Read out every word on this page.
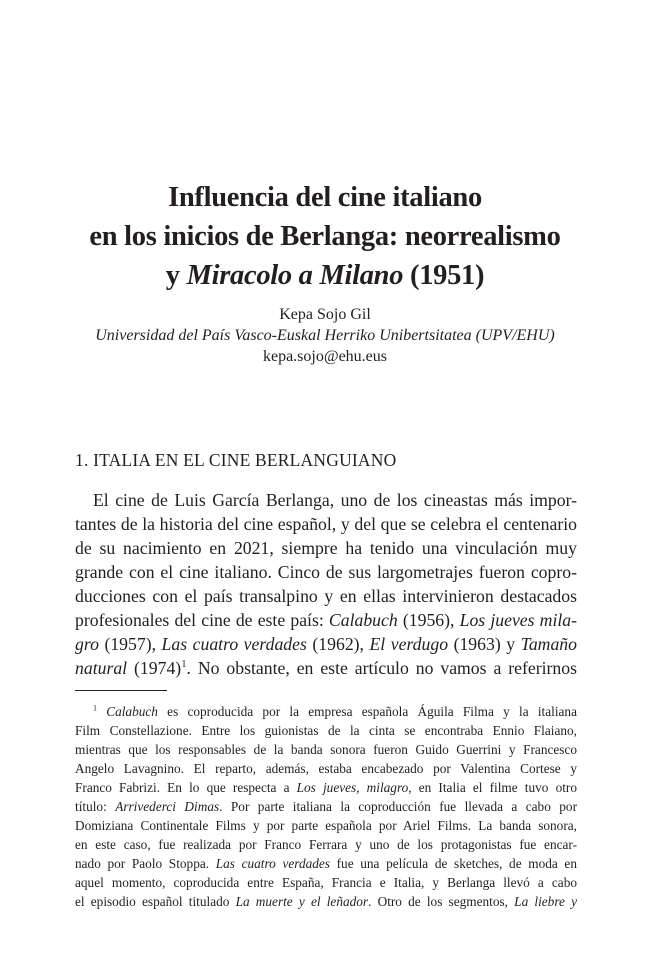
Influencia del cine italiano
en los inicios de Berlanga: neorrealismo
y Miracolo a Milano (1951)
Kepa Sojo Gil
Universidad del País Vasco-Euskal Herriko Unibertsitatea (UPV/EHU)
kepa.sojo@ehu.eus
1. ITALIA EN EL CINE BERLANGUIANO
El cine de Luis García Berlanga, uno de los cineastas más impor-
tantes de la historia del cine español, y del que se celebra el centenario
de su nacimiento en 2021, siempre ha tenido una vinculación muy
grande con el cine italiano. Cinco de sus largometrajes fueron copro-
ducciones con el país transalpino y en ellas intervinieron destacados
profesionales del cine de este país: Calabuch (1956), Los jueves mila-
gro (1957), Las cuatro verdades (1962), El verdugo (1963) y Tamaño
natural $(1974)^1$. No obstante, en este artículo no vamos a referirnos
$^1$ Calabuch es coproducida por la empresa española Águila Filma y la italiana
Film Constellazione. Entre los guionistas de la cinta se encontraba Ennio Flaiano,
mientras que los responsables de la banda sonora fueron Guido Guerrini y Francesco
Angelo Lavagnino. El reparto, además, estaba encabezado por Valentina Cortese y
Franco Fabrizi. En lo que respecta a Los jueves, milagro, en Italia el filme tuvo otro
título: Arrivederci Dimas. Por parte italiana la coproducción fue llevada a cabo por
Domiziana Continentale Films y por parte española por Ariel Films. La banda sonora,
en este caso, fue realizada por Franco Ferrara y uno de los protagonistas fue encar-
nado por Paolo Stoppa. Las cuatro verdades fue una película de sketches, de moda en
aquel momento, coproducida entre España, Francia e Italia, y Berlanga llevó a cabo
el episodio español titulado La muerte y el leñador. Otro de los segmentos, La liebre y
